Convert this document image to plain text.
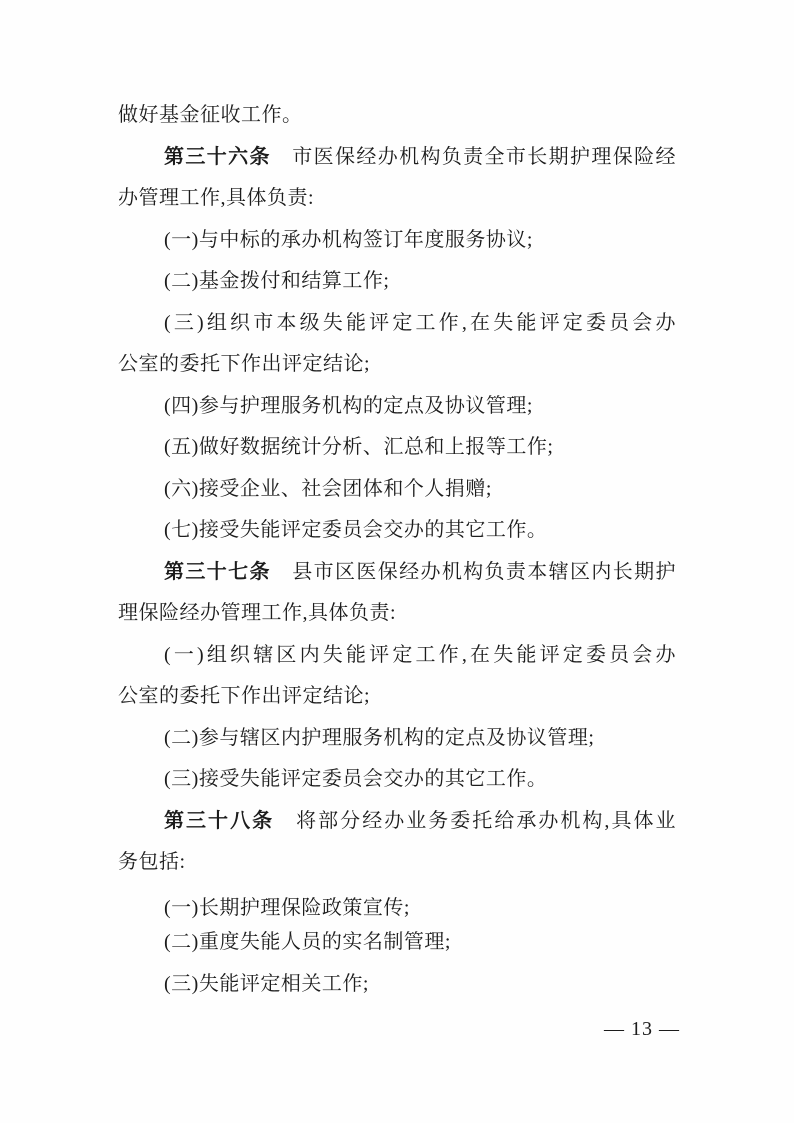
做好基金征收工作。
第三十六条　市医保经办机构负责全市长期护理保险经
办管理工作,具体负责:
(一)与中标的承办机构签订年度服务协议;
(二)基金拨付和结算工作;
(三)组织市本级失能评定工作,在失能评定委员会办
公室的委托下作出评定结论;
(四)参与护理服务机构的定点及协议管理;
(五)做好数据统计分析、汇总和上报等工作;
(六)接受企业、社会团体和个人捐赠;
(七)接受失能评定委员会交办的其它工作。
第三十七条　县市区医保经办机构负责本辖区内长期护
理保险经办管理工作,具体负责:
(一)组织辖区内失能评定工作,在失能评定委员会办
公室的委托下作出评定结论;
(二)参与辖区内护理服务机构的定点及协议管理;
(三)接受失能评定委员会交办的其它工作。
第三十八条　将部分经办业务委托给承办机构,具体业
务包括:
(一)长期护理保险政策宣传;
(二)重度失能人员的实名制管理;
(三)失能评定相关工作;
— 13 —
